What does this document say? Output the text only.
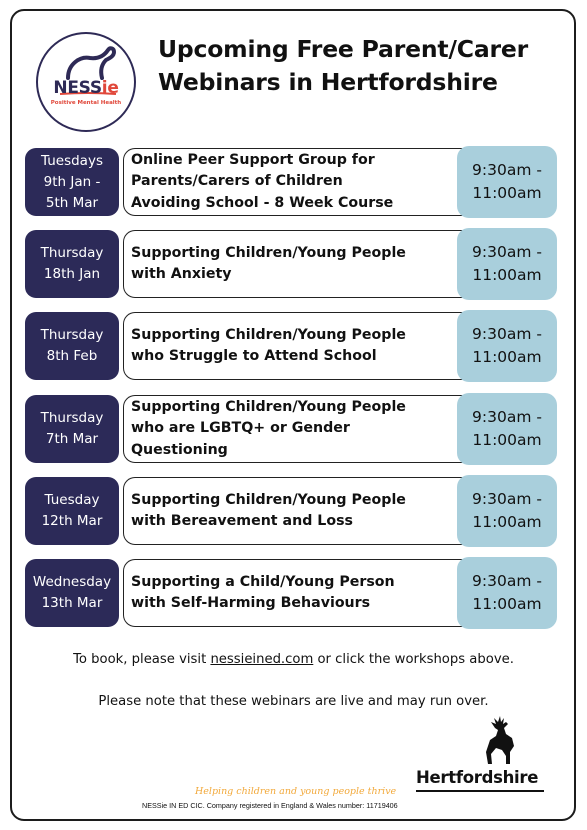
NESSie
Positive Mental Health
Upcoming Free Parent/Carer
Webinars in Hertfordshire
Tuesdays
9th Jan -
5th Mar
Online Peer Support Group for
Parents/Carers of Children
Avoiding School - 8 Week Course
9:30am -
11:00am
Thursday
18th Jan
Supporting Children/Young People
with Anxiety
9:30am -
11:00am
Thursday
8th Feb
Supporting Children/Young People
who Struggle to Attend School
9:30am -
11:00am
Thursday
7th Mar
Supporting Children/Young People
who are LGBTQ+ or Gender
Questioning
9:30am -
11:00am
Tuesday
12th Mar
Supporting Children/Young People
with Bereavement and Loss
9:30am -
11:00am
Wednesday
13th Mar
Supporting a Child/Young Person
with Self-Harming Behaviours
9:30am -
11:00am
To book, please visit nessieined.com or click the workshops above.
Please note that these webinars are live and may run over.
Helping children and young people thrive
NESSie IN ED CIC. Company registered in England & Wales number: 11719406
Hertfordshire
